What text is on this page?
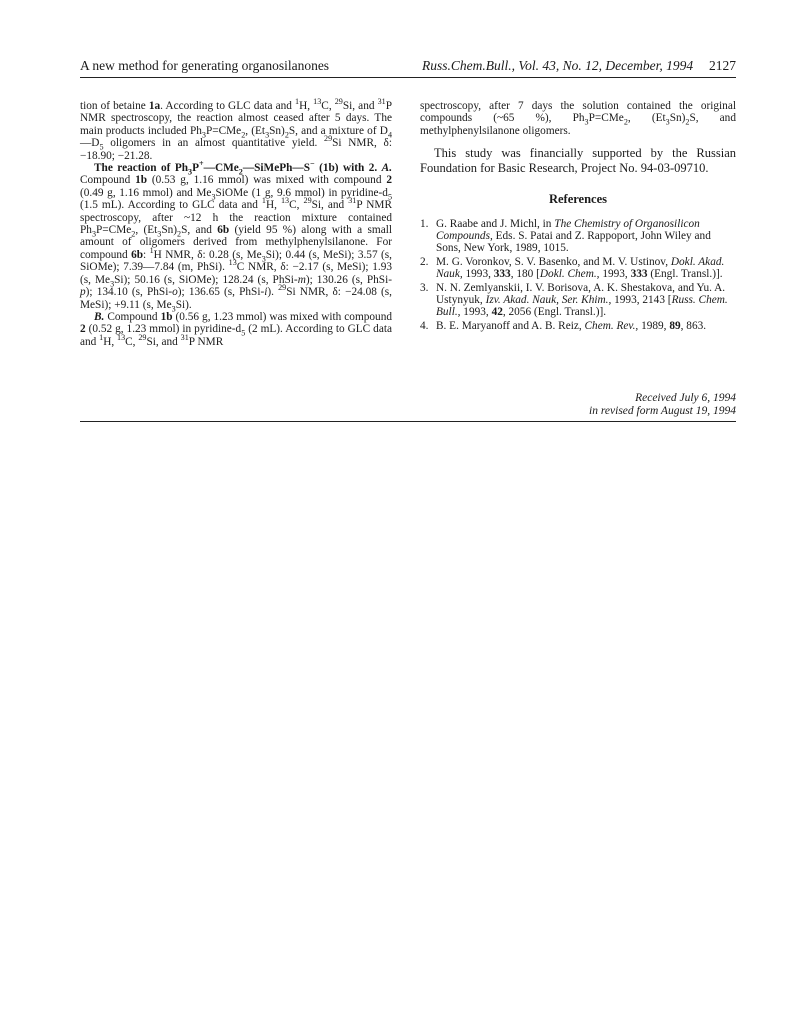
A new method for generating organosilanones	Russ.Chem.Bull., Vol. 43, No. 12, December, 1994 2127

tion of betaine 1a. According to GLC data and $^1$H, $^{13}$C, $^{29}$Si, and $^{31}$P NMR spectroscopy, the reaction almost ceased after 5 days. The main products included $Ph_3P=CMe_2$, $(Et_3Sn)_2S$, and a mixture of $D_4—D_5$ oligomers in an almost quantitative yield. $^{29}$Si NMR, δ: −18.90; −21.28.

The reaction of $Ph_3P^+—CMe_2—SiMePh—S^-$ (1b) with 2. A. Compound 1b (0.53 g, 1.16 mmol) was mixed with compound 2 (0.49 g, 1.16 mmol) and $Me_3SiOMe$ (1 g, 9.6 mmol) in pyridine-$d_5$ (1.5 mL). According to GLC data and $^1$H, $^{13}$C, $^{29}$Si, and $^{31}$P NMR spectroscopy, after ~12 h the reaction mixture contained $Ph_3P=CMe_2$, $(Et_3Sn)_2S$, and 6b (yield 95 %) along with a small amount of oligomers derived from methylphenylsilanone. For compound 6b: $^1$H NMR, δ: 0.28 (s, $Me_3Si$); 0.44 (s, MeSi); 3.57 (s, SiOMe); 7.39—7.84 (m, PhSi). $^{13}$C NMR, δ: −2.17 (s, MeSi); 1.93 (s, $Me_3Si$); 50.16 (s, SiOMe); 128.24 (s, PhSi-m); 130.26 (s, PhSi-p); 134.10 (s, PhSi-o); 136.65 (s, PhSi-i). $^{29}$Si NMR, δ: −24.08 (s, MeSi); +9.11 (s, $Me_3Si$).

B. Compound 1b (0.56 g, 1.23 mmol) was mixed with compound 2 (0.52 g, 1.23 mmol) in pyridine-$d_5$ (2 mL). According to GLC data and $^1$H, $^{13}$C, $^{29}$Si, and $^{31}$P NMR

spectroscopy, after 7 days the solution contained the original compounds (~65 %), $Ph_3P=CMe_2$, $(Et_3Sn)_2S$, and methylphenylsilanone oligomers.

This study was financially supported by the Russian Foundation for Basic Research, Project No. 94-03-09710.

References
1. G. Raabe and J. Michl, in The Chemistry of Organosilicon Compounds, Eds. S. Patai and Z. Rappoport, John Wiley and Sons, New York, 1989, 1015.
2. M. G. Voronkov, S. V. Basenko, and M. V. Ustinov, Dokl. Akad. Nauk, 1993, 333, 180 [Dokl. Chem., 1993, 333 (Engl. Transl.)].
3. N. N. Zemlyanskii, I. V. Borisova, A. K. Shestakova, and Yu. A. Ustynyuk, Izv. Akad. Nauk, Ser. Khim., 1993, 2143 [Russ. Chem. Bull., 1993, 42, 2056 (Engl. Transl.)].
4. B. E. Maryanoff and A. B. Reiz, Chem. Rev., 1989, 89, 863.
Received July 6, 1994
in revised form August 19, 1994
